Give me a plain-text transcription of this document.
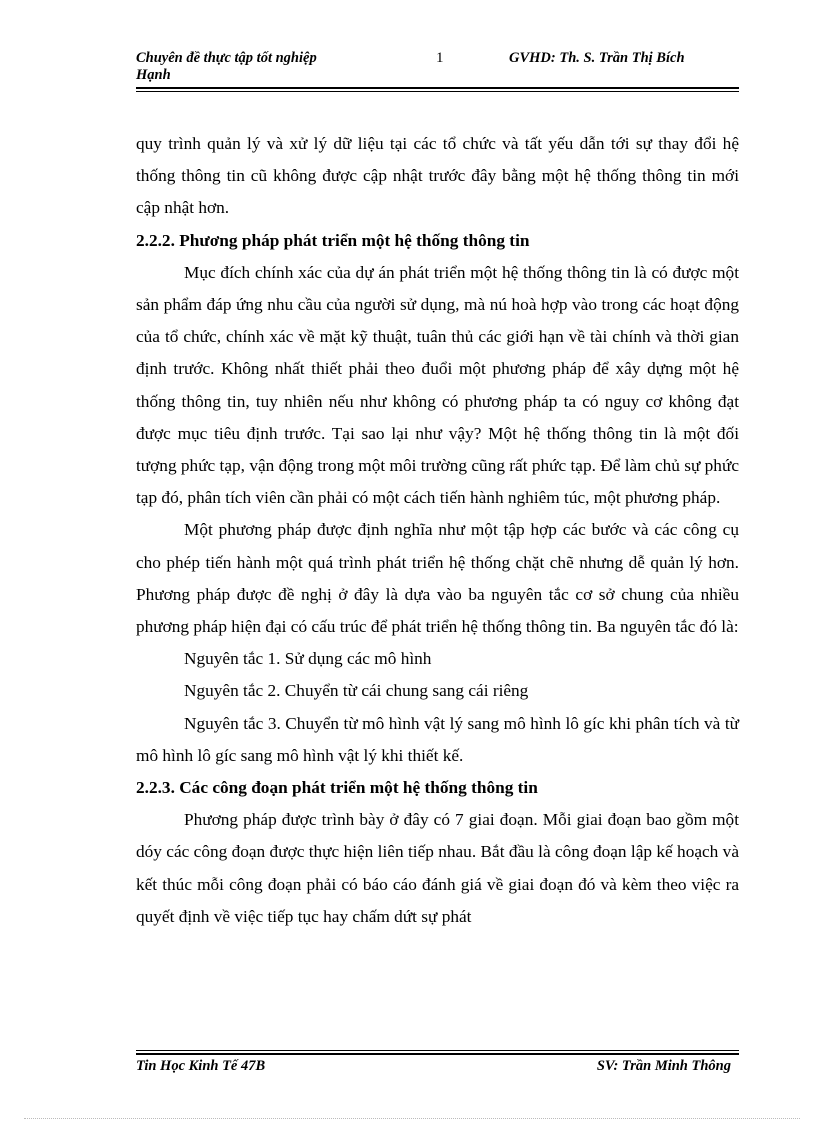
Chuyên đề thực tập tốt nghiệp
Hạnh
1	GVHD: Th. S. Trần Thị Bích

quy trình quản lý và xử lý dữ liệu tại các tổ chức và tất yếu dẫn tới sự thay đổi hệ thống thông tin cũ không được cập nhật trước đây bằng một hệ thống thông tin mới cập nhật hơn.

2.2.2. Phương pháp phát triển một hệ thống thông tin

Mục đích chính xác của dự án phát triển một hệ thống thông tin là có được một sản phẩm đáp ứng nhu cầu của người sử dụng, mà nú hoà hợp vào trong các hoạt động của tổ chức, chính xác về mặt kỹ thuật, tuân thủ các giới hạn về tài chính và thời gian định trước. Không nhất thiết phải theo đuổi một phương pháp để xây dựng một hệ thống thông tin, tuy nhiên nếu như không có phương pháp ta có nguy cơ không đạt được mục tiêu định trước. Tại sao lại như vậy? Một hệ thống thông tin là một đối tượng phức tạp, vận động trong một môi trường cũng rất phức tạp. Để làm chủ sự phức tạp đó, phân tích viên cần phải có một cách tiến hành nghiêm túc, một phương pháp.

Một phương pháp được định nghĩa như một tập hợp các bước và các công cụ cho phép tiến hành một quá trình phát triển hệ thống chặt chẽ nhưng dễ quản lý hơn. Phương pháp được đề nghị ở đây là dựa vào ba nguyên tắc cơ sở chung của nhiều phương pháp hiện đại có cấu trúc để phát triển hệ thống thông tin. Ba nguyên tắc đó là:

Nguyên tắc 1. Sử dụng các mô hình

Nguyên tắc 2. Chuyển từ cái chung sang cái riêng

Nguyên tắc 3. Chuyển từ mô hình vật lý sang mô hình lô gíc khi phân tích và từ mô hình lô gíc sang mô hình vật lý khi thiết kế.

2.2.3. Các công đoạn phát triển một hệ thống thông tin

Phương pháp được trình bày ở đây có 7 giai đoạn. Mỗi giai đoạn bao gồm một dóy các công đoạn được thực hiện liên tiếp nhau. Bắt đầu là công đoạn lập kế hoạch và kết thúc mỗi công đoạn phải có báo cáo đánh giá về giai đoạn đó và kèm theo việc ra quyết định về việc tiếp tục hay chấm dứt sự phát

Tin Học Kinh Tế 47B	SV: Trần Minh Thông
